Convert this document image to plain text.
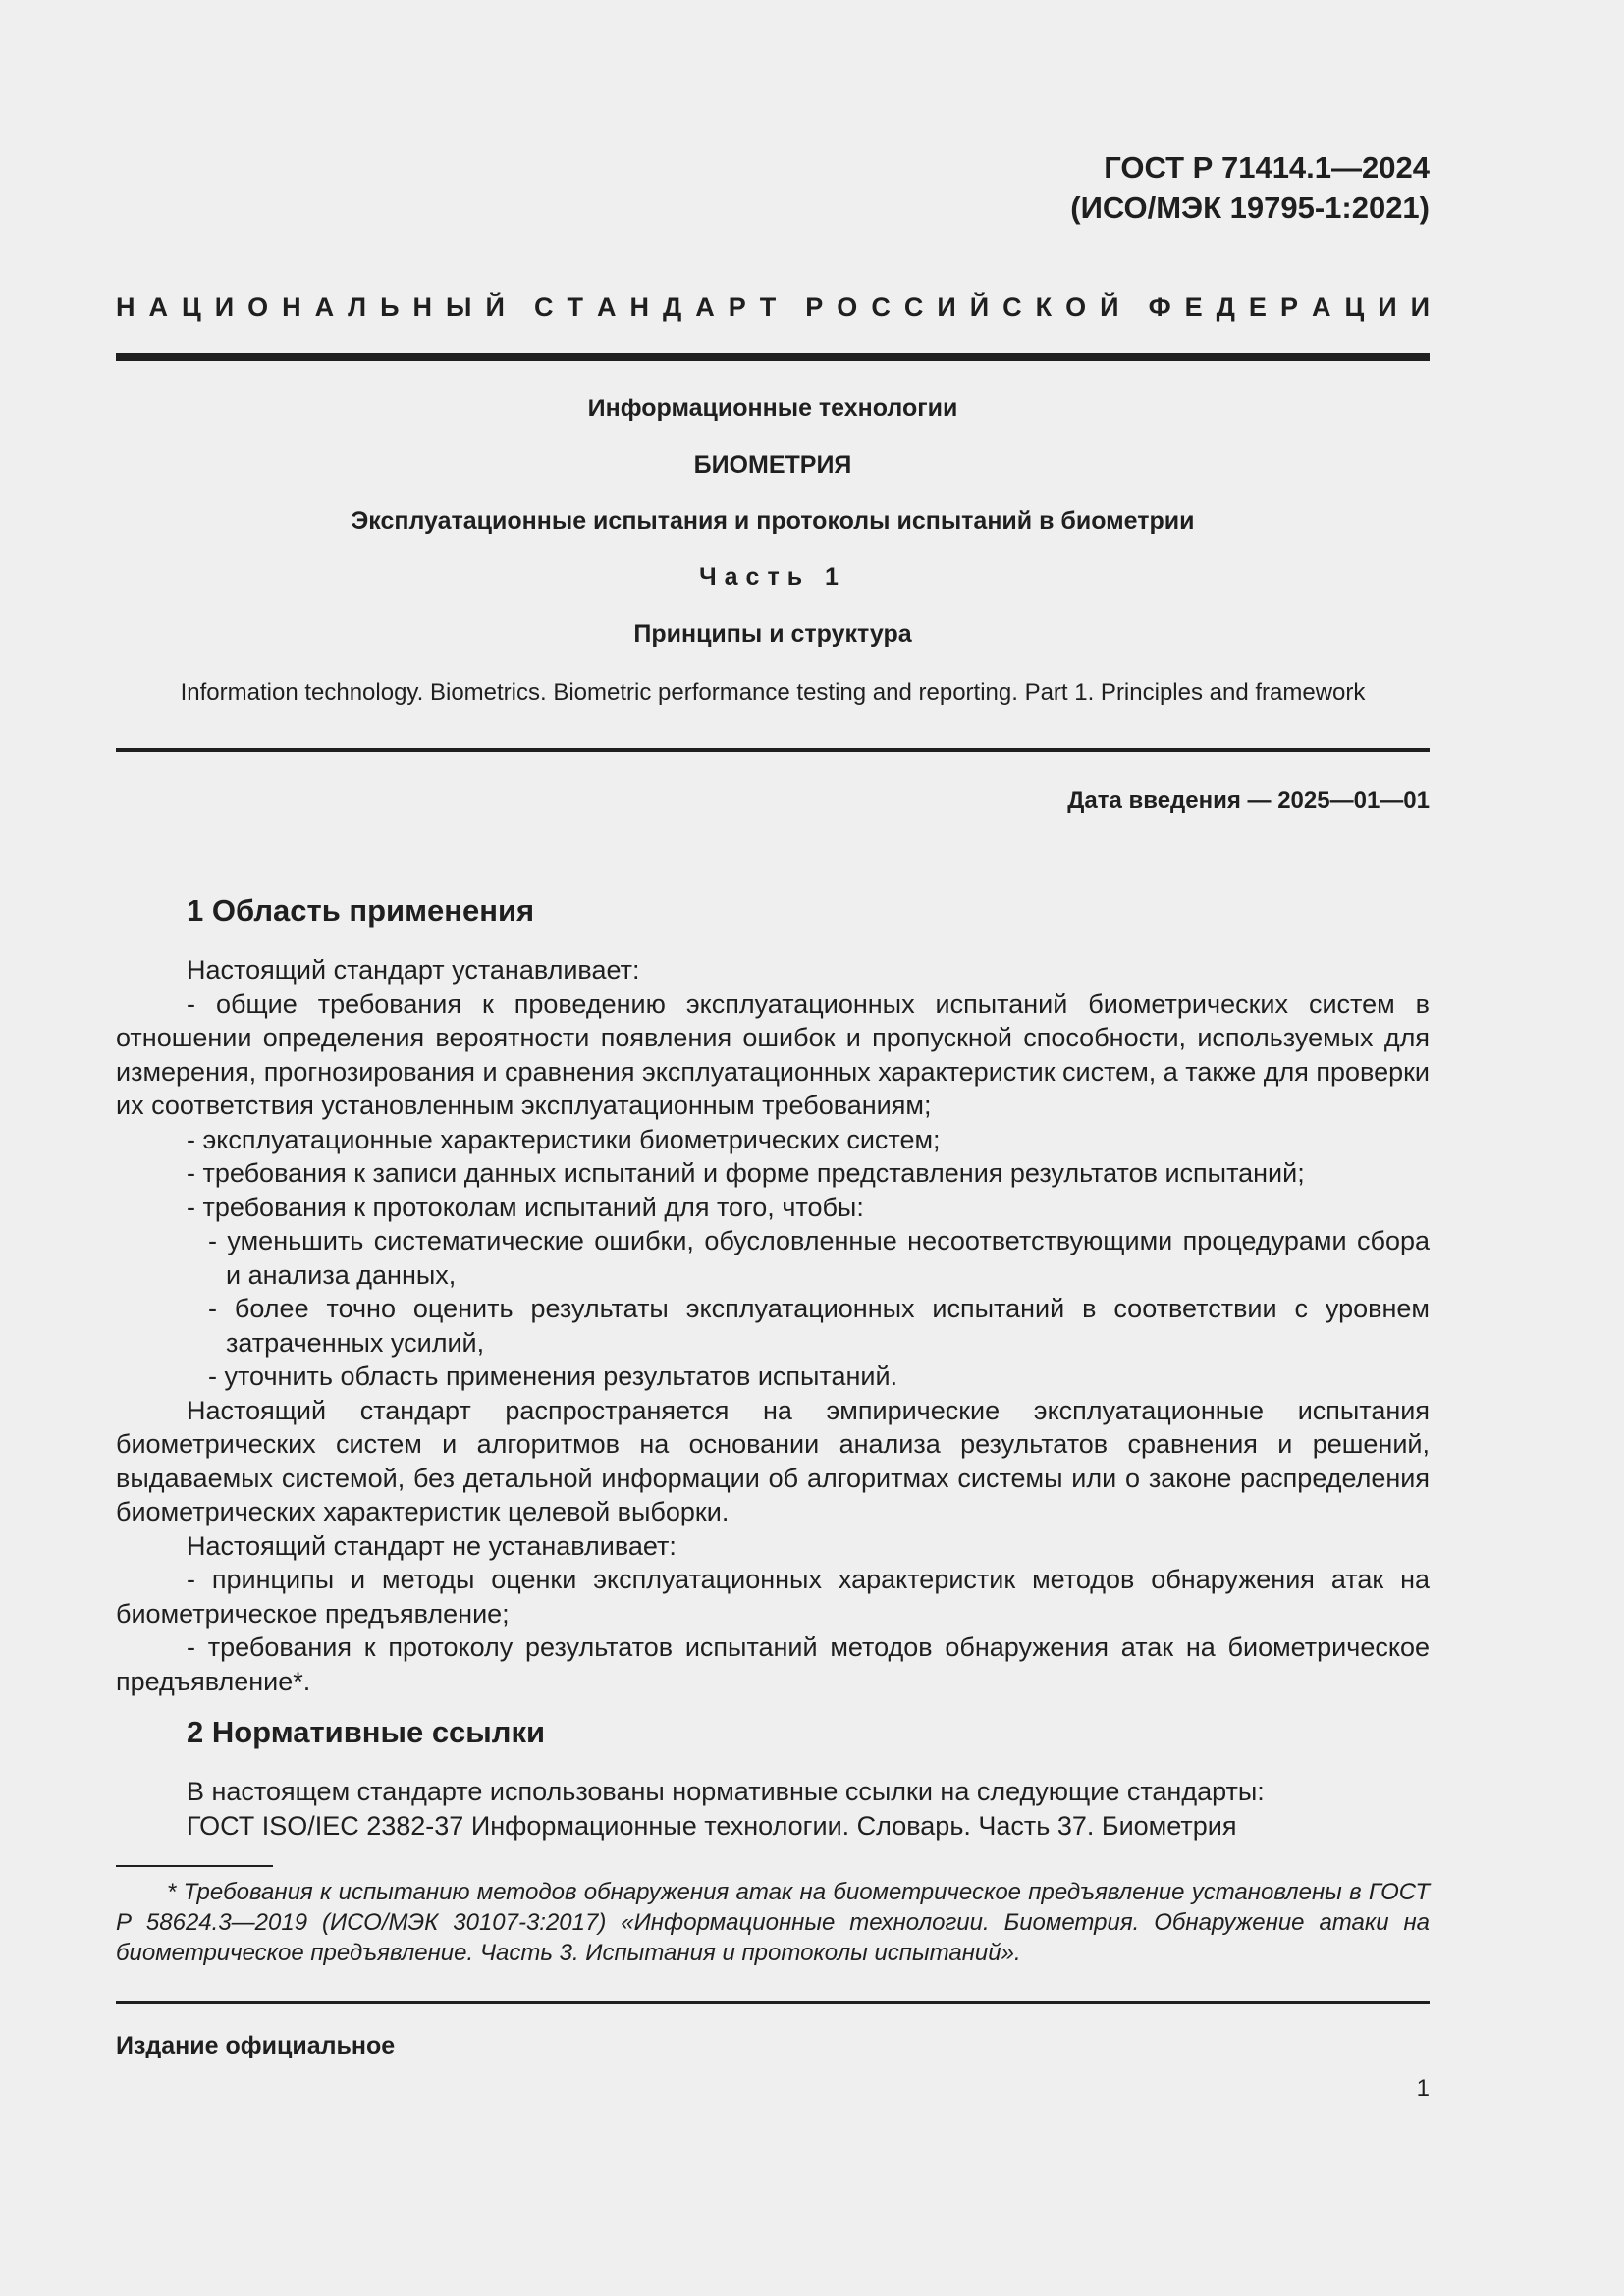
ГОСТ Р 71414.1—2024
(ИСО/МЭК 19795-1:2021)
Н А Ц И О Н А Л Ь Н Ы Й С Т А Н Д А Р Т Р О С С И Й С К О Й Ф Е Д Е Р А Ц И И
Информационные технологии
БИОМЕТРИЯ
Эксплуатационные испытания и протоколы испытаний в биометрии
Часть 1
Принципы и структура
Information technology. Biometrics. Biometric performance testing and reporting. Part 1. Principles and framework
Дата введения — 2025—01—01
1 Область применения

Настоящий стандарт устанавливает:

- общие требования к проведению эксплуатационных испытаний биометрических систем в отношении определения вероятности появления ошибок и пропускной способности, используемых для измерения, прогнозирования и сравнения эксплуатационных характеристик систем, а также для проверки их соответствия установленным эксплуатационным требованиям;

- эксплуатационные характеристики биометрических систем;

- требования к записи данных испытаний и форме представления результатов испытаний;

- требования к протоколам испытаний для того, чтобы:

- уменьшить систематические ошибки, обусловленные несоответствующими процедурами сбора и анализа данных,

- более точно оценить результаты эксплуатационных испытаний в соответствии с уровнем затраченных усилий,

- уточнить область применения результатов испытаний.

Настоящий стандарт распространяется на эмпирические эксплуатационные испытания биометрических систем и алгоритмов на основании анализа результатов сравнения и решений, выдаваемых системой, без детальной информации об алгоритмах системы или о законе распределения биометрических характеристик целевой выборки.

Настоящий стандарт не устанавливает:

- принципы и методы оценки эксплуатационных характеристик методов обнаружения атак на биометрическое предъявление;

- требования к протоколу результатов испытаний методов обнаружения атак на биометрическое предъявление*.

2 Нормативные ссылки

В настоящем стандарте использованы нормативные ссылки на следующие стандарты:

ГОСТ ISO/IEC 2382-37 Информационные технологии. Словарь. Часть 37. Биометрия

* Требования к испытанию методов обнаружения атак на биометрическое предъявление установлены в ГОСТ Р 58624.3—2019 (ИСО/МЭК 30107-3:2017) «Информационные технологии. Биометрия. Обнаружение атаки на биометрическое предъявление. Часть 3. Испытания и протоколы испытаний».

Издание официальное
1
